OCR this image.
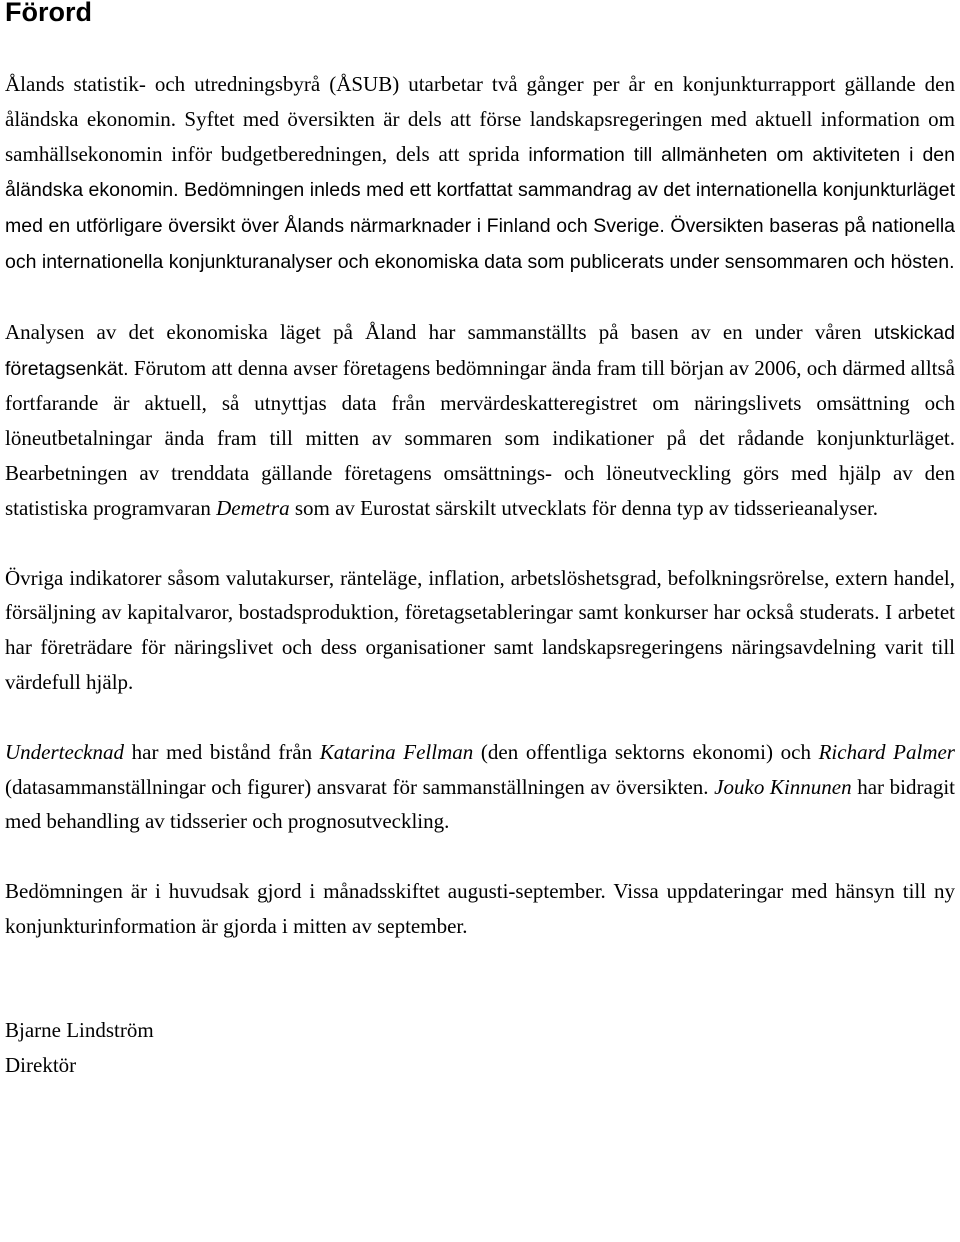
Förord

Ålands statistik- och utredningsbyrå (ÅSUB) utarbetar två gånger per år en konjunkturrapport gällande den åländska ekonomin. Syftet med översikten är dels att förse landskapsregeringen med aktuell information om samhällsekonomin inför budgetberedningen, dels att sprida information till allmänheten om aktiviteten i den åländska ekonomin. Bedömningen inleds med ett kortfattat sammandrag av det internationella konjunkturläget med en utförligare översikt över Ålands närmarknader i Finland och Sverige. Översikten baseras på nationella och internationella konjunkturanalyser och ekonomiska data som publicerats under sensommaren och hösten.

Analysen av det ekonomiska läget på Åland har sammanställts på basen av en under våren utskickad företagsenkät. Förutom att denna avser företagens bedömningar ända fram till början av 2006, och därmed alltså fortfarande är aktuell, så utnyttjas data från mervärdeskatteregistret om näringslivets omsättning och löneutbetalningar ända fram till mitten av sommaren som indikationer på det rådande konjunkturläget. Bearbetningen av trenddata gällande företagens omsättnings- och löneutveckling görs med hjälp av den statistiska programvaran Demetra som av Eurostat särskilt utvecklats för denna typ av tidsserieanalyser.

Övriga indikatorer såsom valutakurser, ränteläge, inflation, arbetslöshetsgrad, befolkningsrörelse, extern handel, försäljning av kapitalvaror, bostadsproduktion, företagsetableringar samt konkurser har också studerats. I arbetet har företrädare för näringslivet och dess organisationer samt landskapsregeringens näringsavdelning varit till värdefull hjälp.

Undertecknad har med bistånd från Katarina Fellman (den offentliga sektorns ekonomi) och Richard Palmer (datasammanställningar och figurer) ansvarat för sammanställningen av översikten. Jouko Kinnunen har bidragit med behandling av tidsserier och prognosutveckling.

Bedömningen är i huvudsak gjord i månadsskiftet augusti-september. Vissa uppdateringar med hänsyn till ny konjunkturinformation är gjorda i mitten av september.

Bjarne Lindström
Direktör
